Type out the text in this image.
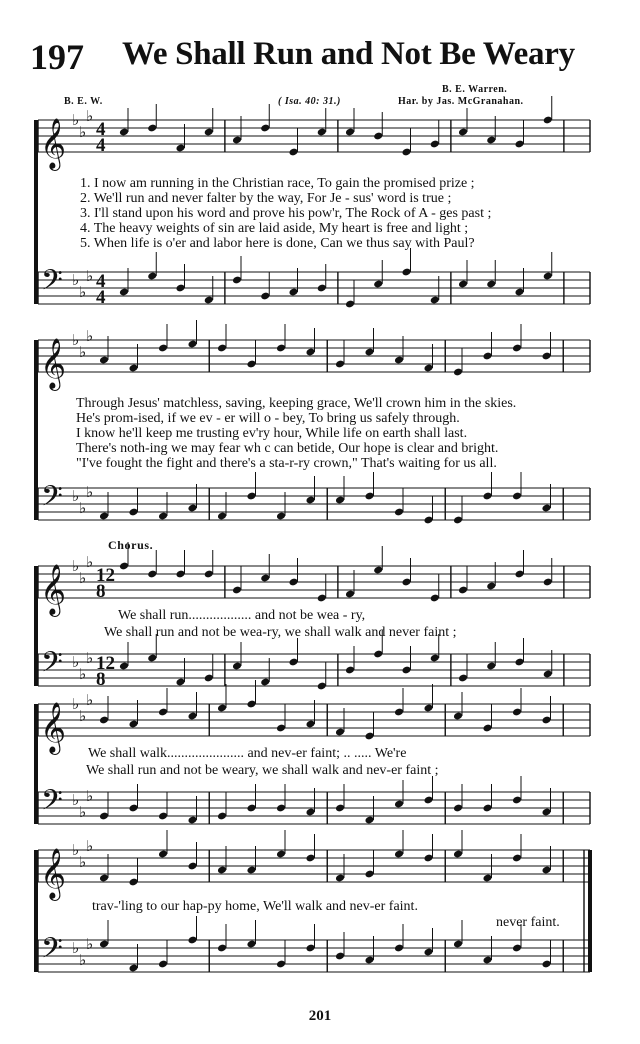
197 We Shall Run and Not Be Weary
B. E. Warren.
B. E. W.	( Isa. 40: 31.)	Har. by Jas. McGranahan.
𝄞 ♭
♭
♭
4
4
𝄢 ♭
♭
♭ 4
4
𝄞 ♭
♭
♭
𝄢 ♭
♭
♭
𝄞 ♭
♭
♭
12
8
𝄢 ♭
♭
♭ 12
8
𝄞 ♭
♭
♭
𝄢 ♭
♭
♭
𝄞 ♭
♭
♭
𝄢 ♭
♭
♭
1. I now am running in the Christian race, To gain the promised prize ;
2. We'll run and never falter by the way, For Je - sus' word is true ;
3. I'll stand upon his word and prove his pow'r, The Rock of A - ges past ;
4. The heavy weights of sin are laid aside, My heart is free and light ;
5. When life is o'er and labor here is done, Can we thus say with Paul?
Through Jesus' matchless, saving, keeping grace, We'll crown him in the skies.
He's prom-ised, if we ev - er will o - bey, To bring us safely through.
I know he'll keep me trusting ev'ry hour, While life on earth shall last.
There's noth-ing we may fear wh c can betide, Our hope is clear and bright.
"I've fought the fight and there's a sta-r-ry crown," That's waiting for us all.
Chorus.
We shall run.................. and not be wea - ry,
We shall run and not be wea-ry, we shall walk and never faint ;
We shall walk...................... and nev-er faint; .. ..... We're
We shall run and not be weary, we shall walk and nev-er faint ;
trav-'ling to our hap-py home, We'll walk and nev-er faint.
never faint.
201
